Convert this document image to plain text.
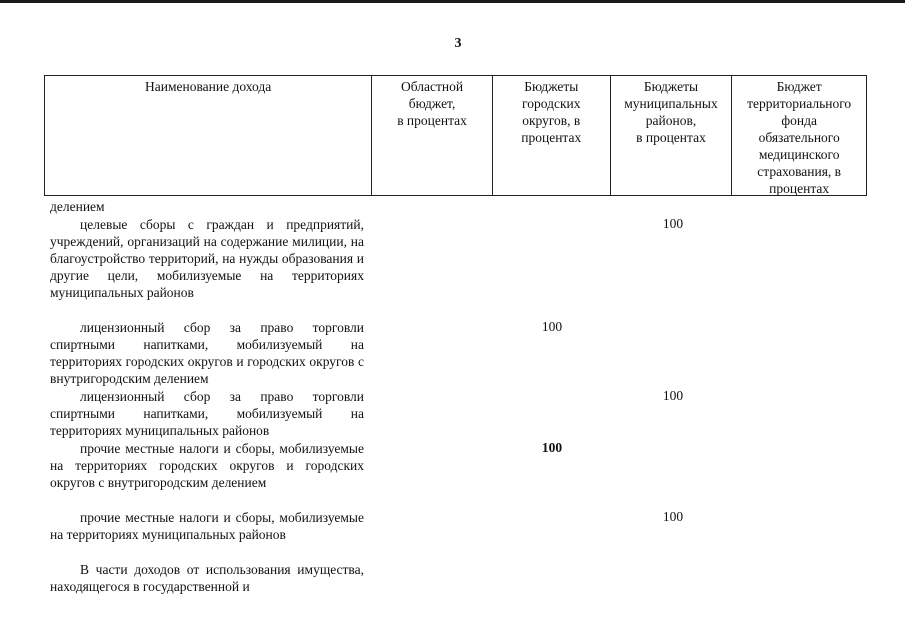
3
Наименование дохода	Областной
бюджет,
в процентах
Бюджеты
городских
округов, в
процентах
Бюджеты
муниципальных
районов,
в процентах
Бюджет
территориального
фонда
обязательного
медицинского
страхования, в
процентах

делением

целевые сборы с граждан и предприятий, учреждений, организаций на содержание милиции, на благоустройство территорий, на нужды образования и другие цели, мобилизуемые на территориях муниципальных районов

100

лицензионный сбор за право торговли спиртными напитками, мобилизуемый на территориях городских округов и городских округов с внутригородским делением

100

лицензионный сбор за право торговли спиртными напитками, мобилизуемый на территориях муниципальных районов

100

прочие местные налоги и сборы, мобилизуемые на территориях городских округов и городских округов с внутригородским делением

100

прочие местные налоги и сборы, мобилизуемые на территориях муниципальных районов

100

В части доходов от использования имущества, находящегося в государственной и
